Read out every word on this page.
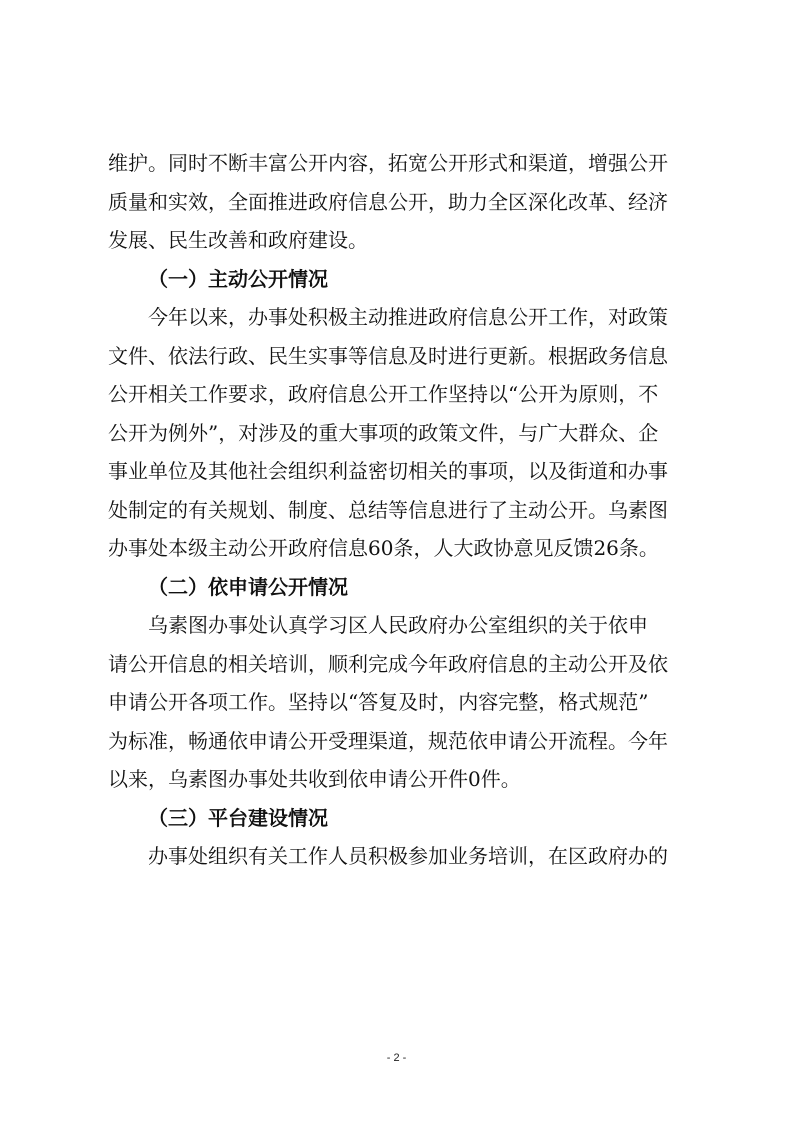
维护。同时不断丰富公开内容，拓宽公开形式和渠道，增强公开
质量和实效，全面推进政府信息公开，助力全区深化改革、经济
发展、民生改善和政府建设。
（一）主动公开情况
今年以来，办事处积极主动推进政府信息公开工作，对政策
文件、依法行政、民生实事等信息及时进行更新。根据政务信息
公开相关工作要求，政府信息公开工作坚持以“公开为原则，不
公开为例外”，对涉及的重大事项的政策文件，与广大群众、企
事业单位及其他社会组织利益密切相关的事项，以及街道和办事
处制定的有关规划、制度、总结等信息进行了主动公开。乌素图
办事处本级主动公开政府信息60条，人大政协意见反馈26条。
（二）依申请公开情况
乌素图办事处认真学习区人民政府办公室组织的关于依申
请公开信息的相关培训，顺利完成今年政府信息的主动公开及依
申请公开各项工作。坚持以“答复及时，内容完整，格式规范”
为标准，畅通依申请公开受理渠道，规范依申请公开流程。今年
以来，乌素图办事处共收到依申请公开件0件。
（三）平台建设情况
办事处组织有关工作人员积极参加业务培训，在区政府办的
- 2 -
